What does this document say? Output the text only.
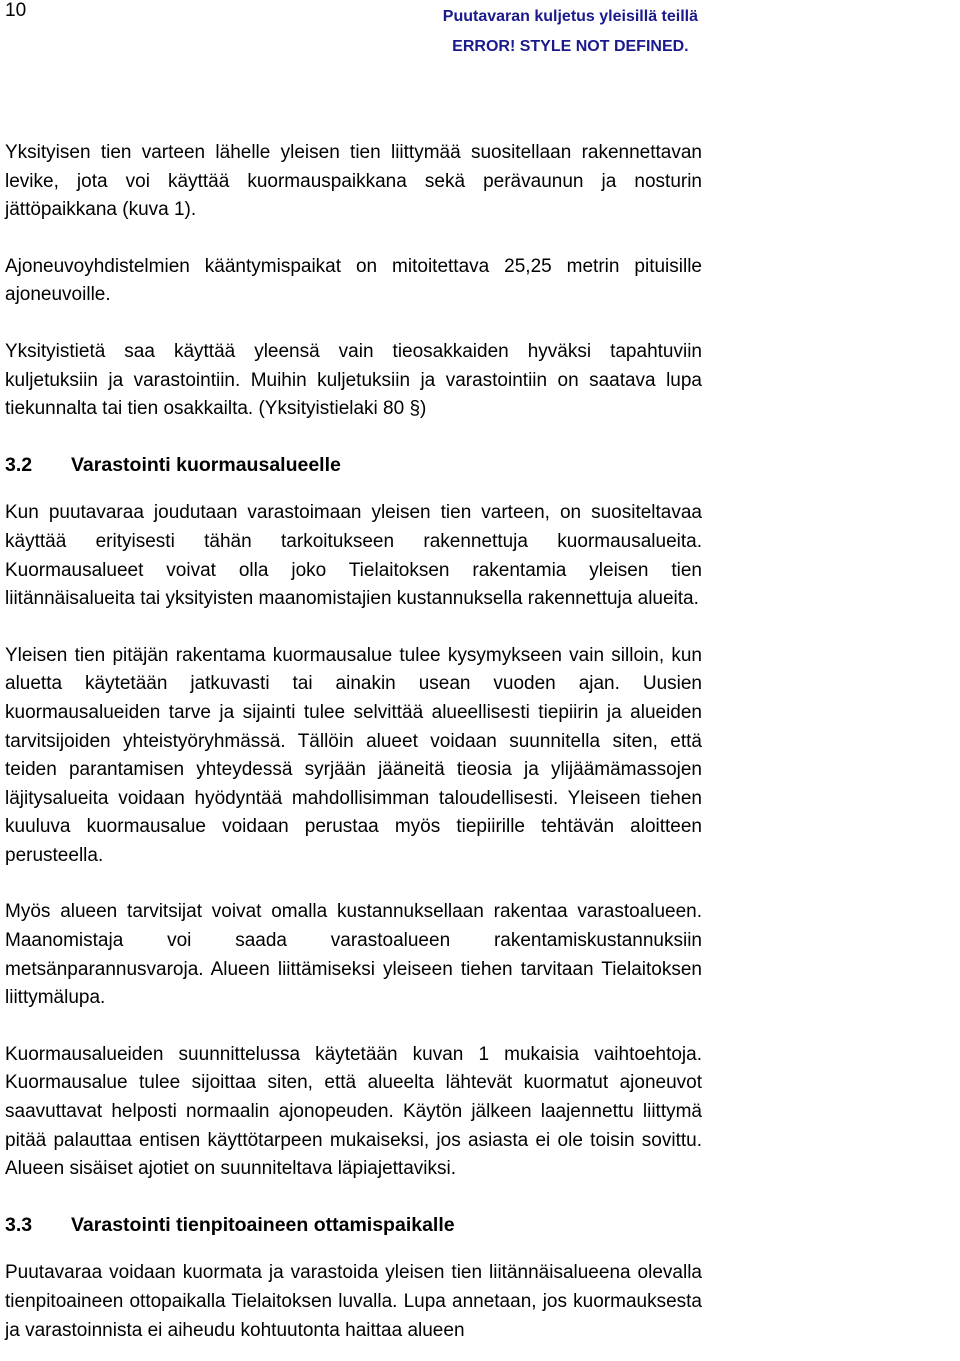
10	Puutavaran kuljetus yleisillä teillä
ERROR! STYLE NOT DEFINED.

Yksityisen tien varteen lähelle yleisen tien liittymää suositellaan rakennettavan levike, jota voi käyttää kuormauspaikkana sekä perävaunun ja nosturin jättöpaikkana (kuva 1).

Ajoneuvoyhdistelmien kääntymispaikat on mitoitettava 25,25 metrin pituisille ajoneuvoille.

Yksityistietä saa käyttää yleensä vain tieosakkaiden hyväksi tapahtuviin kuljetuksiin ja varastointiin. Muihin kuljetuksiin ja varastointiin on saatava lupa tiekunnalta tai tien osakkailta. (Yksityistielaki 80 §)

3.2	Varastointi kuormausalueelle

Kun puutavaraa joudutaan varastoimaan yleisen tien varteen, on suositeltavaa käyttää erityisesti tähän tarkoitukseen rakennettuja kuormausalueita. Kuormausalueet voivat olla joko Tielaitoksen rakentamia yleisen tien liitännäisalueita tai yksityisten maanomistajien kustannuksella rakennettuja alueita.

Yleisen tien pitäjän rakentama kuormausalue tulee kysymykseen vain silloin, kun aluetta käytetään jatkuvasti tai ainakin usean vuoden ajan. Uusien kuormausalueiden tarve ja sijainti tulee selvittää alueellisesti tiepiirin ja alueiden tarvitsijoiden yhteistyöryhmässä. Tällöin alueet voidaan suunnitella siten, että teiden parantamisen yhteydessä syrjään jääneitä tieosia ja ylijäämämassojen läjitysalueita voidaan hyödyntää mahdollisimman taloudellisesti. Yleiseen tiehen kuuluva kuormausalue voidaan perustaa myös tiepiirille tehtävän aloitteen perusteella.

Myös alueen tarvitsijat voivat omalla kustannuksellaan rakentaa varastoalueen. Maanomistaja voi saada varastoalueen rakentamiskustannuksiin metsänparannusvaroja. Alueen liittämiseksi yleiseen tiehen tarvitaan Tielaitoksen liittymälupa.

Kuormausalueiden suunnittelussa käytetään kuvan 1 mukaisia vaihtoehtoja. Kuormausalue tulee sijoittaa siten, että alueelta lähtevät kuormatut ajoneuvot saavuttavat helposti normaalin ajonopeuden. Käytön jälkeen laajennettu liittymä pitää palauttaa entisen käyttötarpeen mukaiseksi, jos asiasta ei ole toisin sovittu. Alueen sisäiset ajotiet on suunniteltava läpiajettaviksi.

3.3	Varastointi tienpitoaineen ottamispaikalle

Puutavaraa voidaan kuormata ja varastoida yleisen tien liitännäisalueena olevalla tienpitoaineen ottopaikalla Tielaitoksen luvalla. Lupa annetaan, jos kuormauksesta ja varastoinnista ei aiheudu kohtuutonta haittaa alueen
